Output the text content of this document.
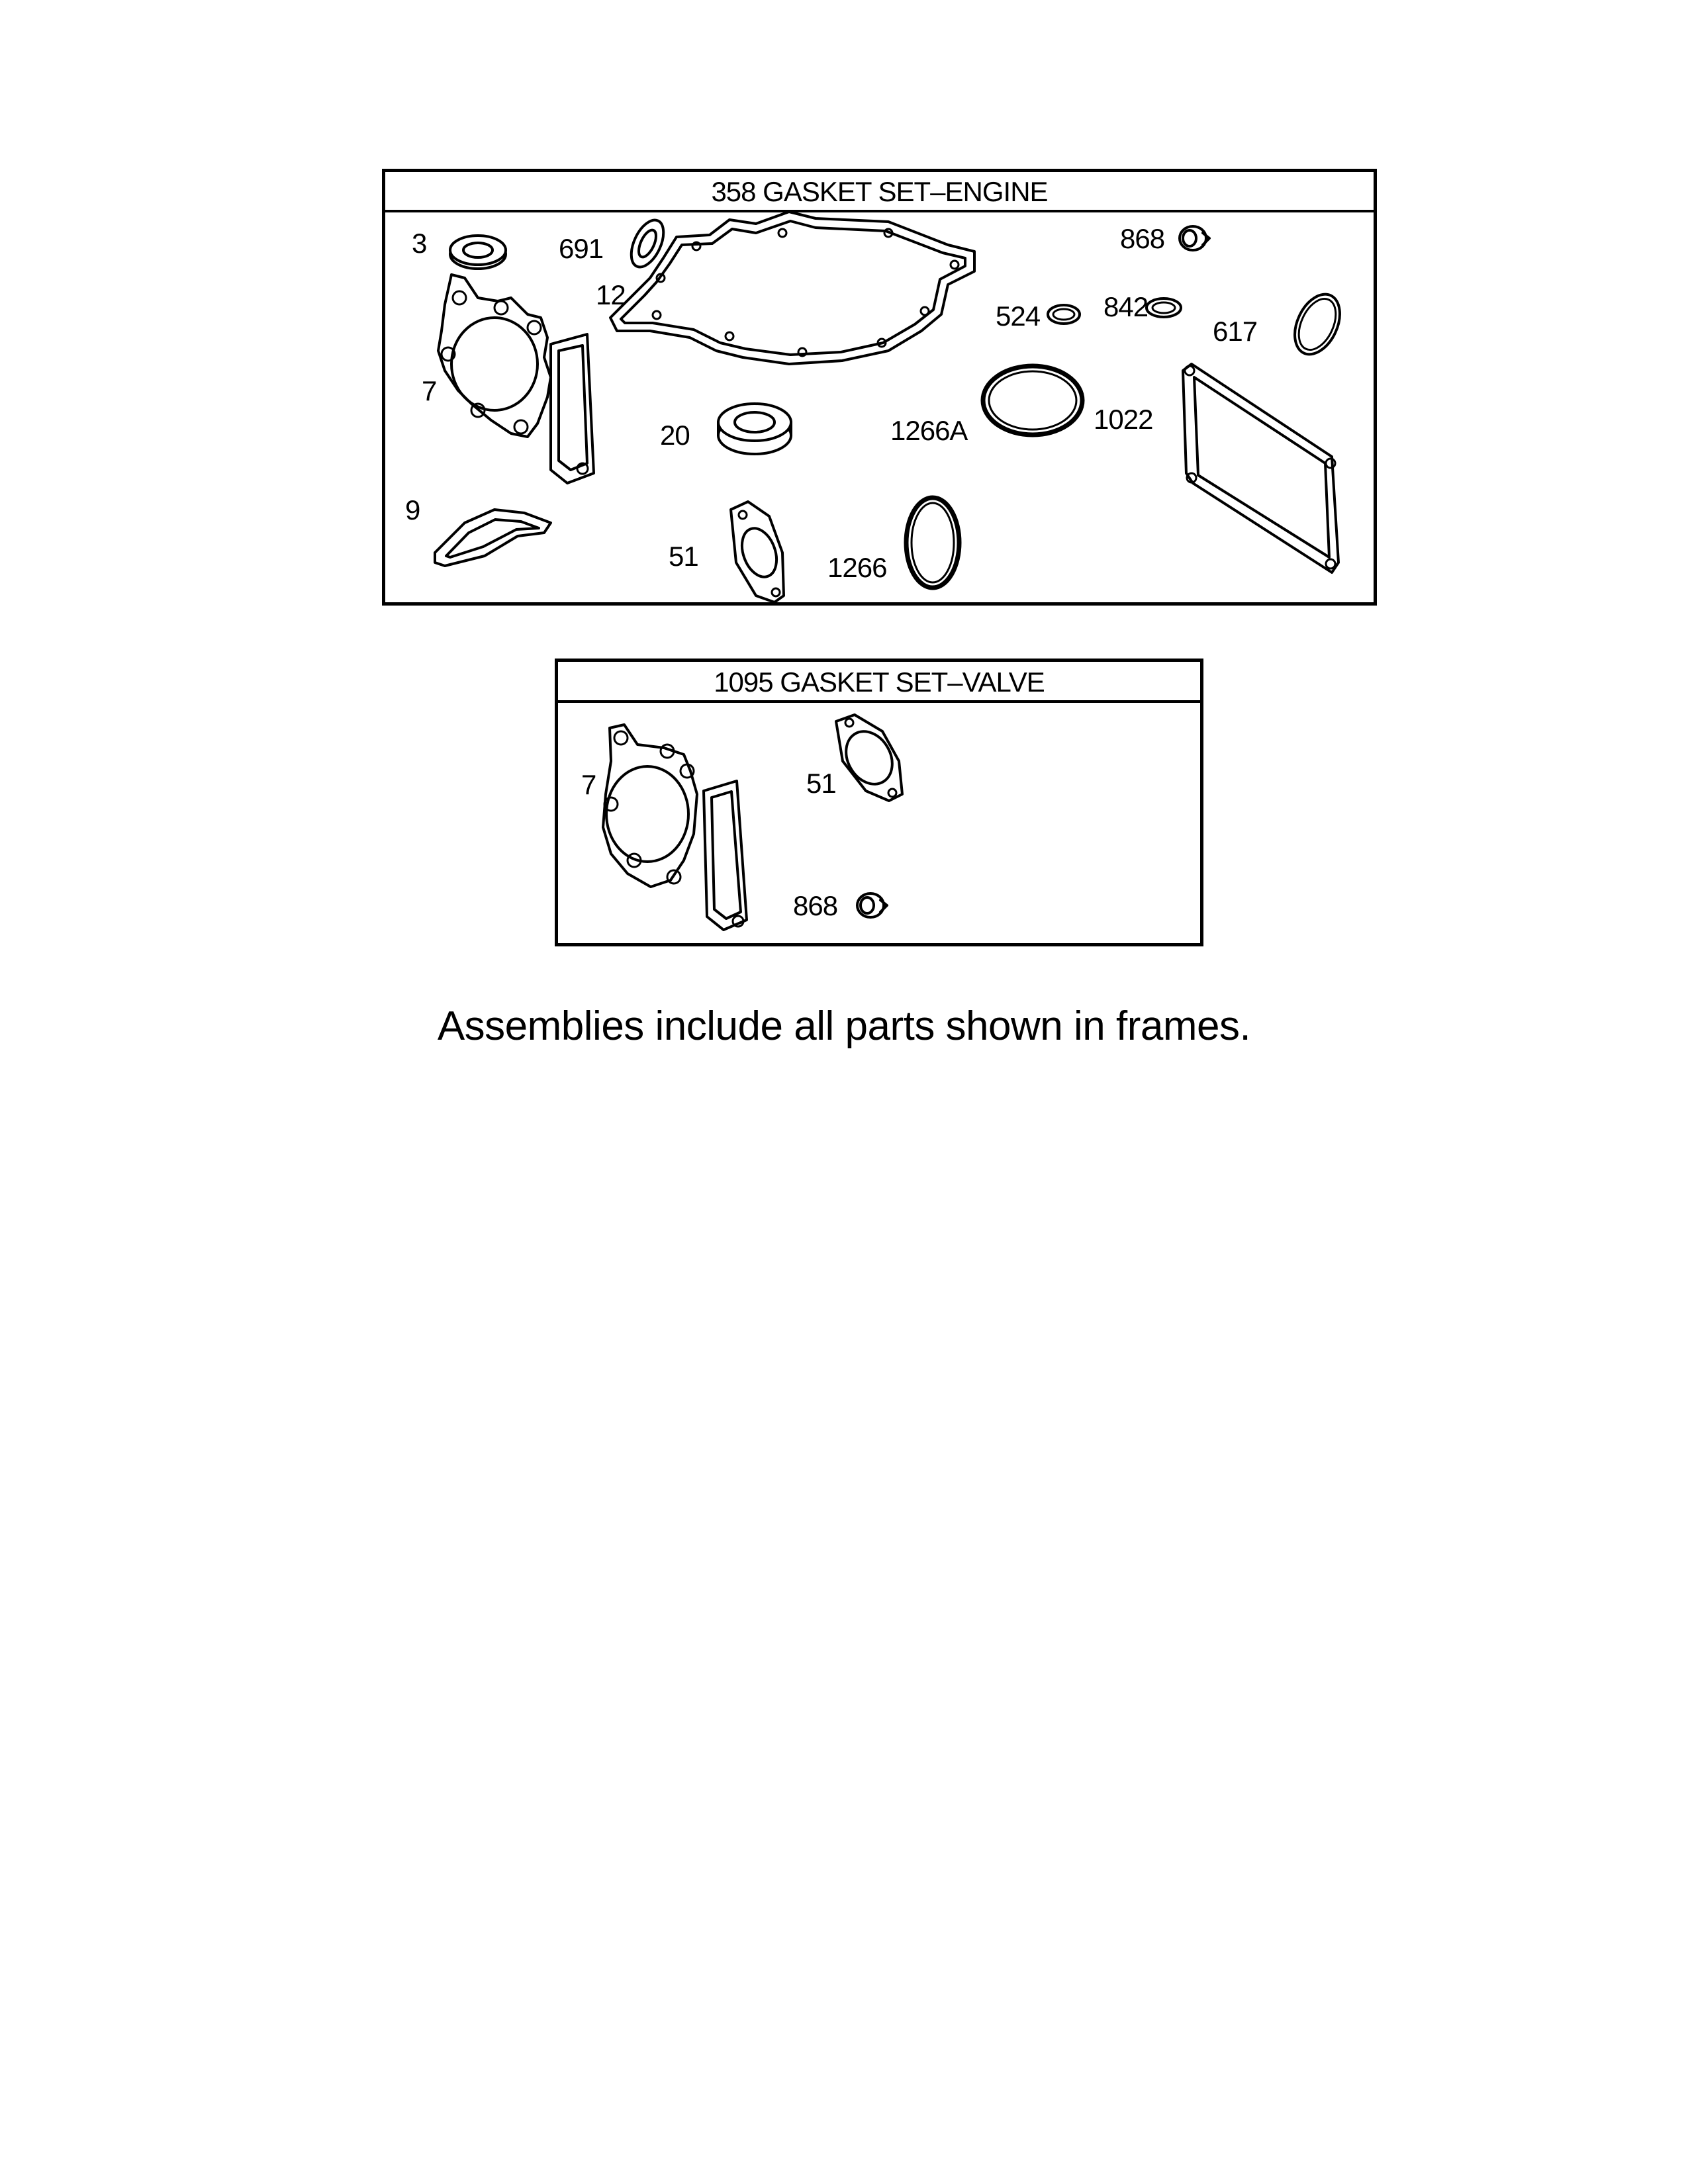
358 GASKET SET–ENGINE
3	691
12
868
524 842
617
7
20	1266A	1022
9
51	1266
1095 GASKET SET–VALVE
7	51
868
Assemblies include all parts shown in frames.
